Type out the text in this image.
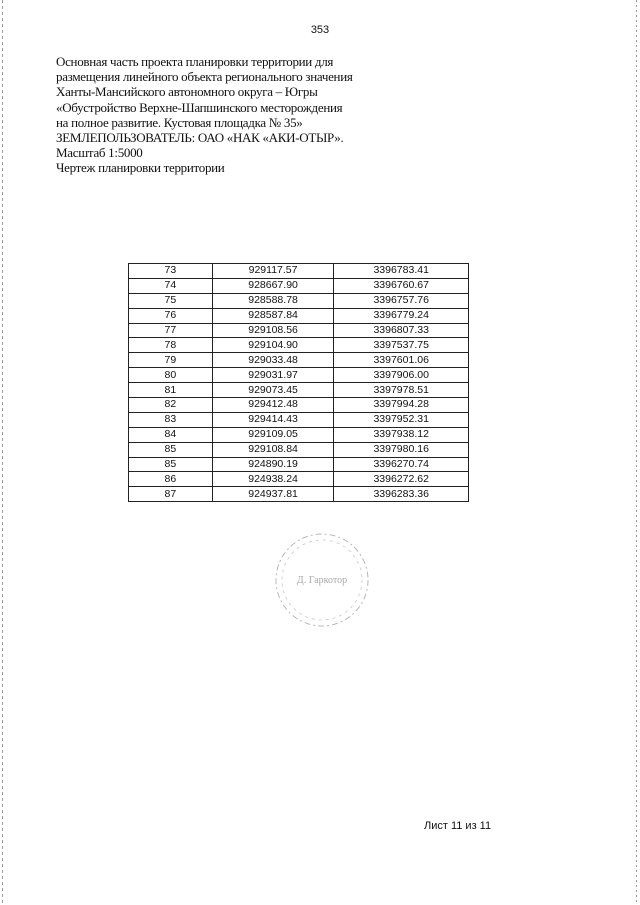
353
Основная часть проекта планировки территории для
размещения линейного объекта регионального значения
Ханты-Мансийского автономного округа – Югры
«Обустройство Верхне-Шапшинского месторождения
на полное развитие. Кустовая площадка № 35»
ЗЕМЛЕПОЛЬЗОВАТЕЛЬ: ОАО «НАК «АКИ-ОТЫР».
Масштаб 1:5000
Чертеж планировки территории
73	929117.57	3396783.41
74	928667.90	3396760.67
75	928588.78	3396757.76
76	928587.84	3396779.24
77	929108.56	3396807.33
78	929104.90	3397537.75
79	929033.48	3397601.06
80	929031.97	3397906.00
81	929073.45	3397978.51
82	929412.48	3397994.28
83	929414.43	3397952.31
84	929109.05	3397938.12
85	929108.84	3397980.16
85	924890.19	3396270.74
86	924938.24	3396272.62
87	924937.81	3396283.36
Д. Гаркотор
Лист 11 из 11
